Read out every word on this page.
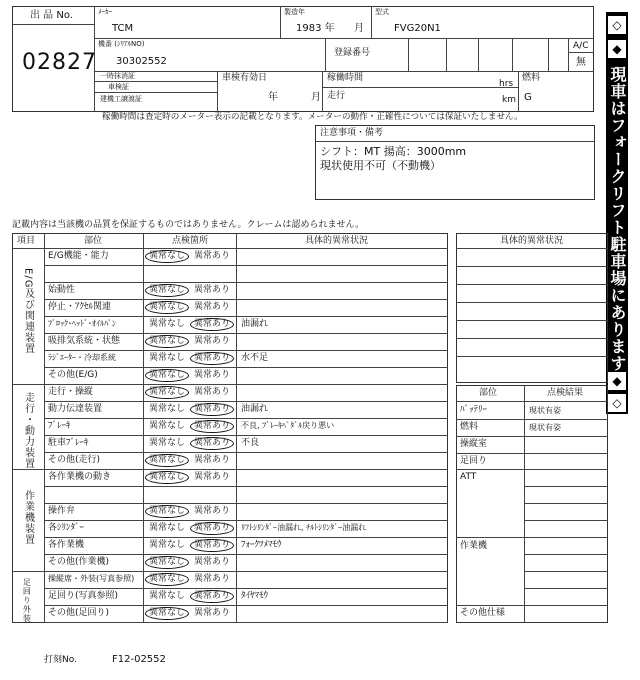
出 品 No.
02827
ﾒｰｶｰ
TCM
製造年
1983 年 月
型式
FVG20N1
機番 (ｼﾘｱﾙNO)
30302552
登録番号
A/C
無
一時抹消証
車検証
建機工譲渡証
車検有効日
年	月
稼働時間
走行
hrs
km
燃料
G
稼働時間は査定時のメーター表示の記載となります。メーターの動作・正確性については保証いたしません。
注意事項・備考
シフト：MT 揚高：3000mm
現状使用不可（不動機）
記載内容は当該機の品質を保証するものではありません。クレームは認められません。
◇
◆
現車はフォークリフト駐車場にあります
◆
◇
項目	部位	点検箇所	具体的異常状況
E/G及び関連装置
走行・動力装置
作業機装置
足回り外装
E/G機能・能力	異常なし 異常あり
始動性	異常なし 異常あり
停止・ｱｸｾﾙ関連	異常なし 異常あり
ﾌﾞﾛｯｸ･ﾍｯﾄﾞ･ｵｲﾙﾊﾟﾝ	異常なし 異常あり 油漏れ
吸排気系統・状態	異常なし 異常あり
ﾗｼﾞｴｰﾀｰ・冷却系統	異常なし 異常あり 水不足
その他(E/G)	異常なし 異常あり
走行・操縦	異常なし 異常あり
動力伝達装置	異常なし 異常あり 油漏れ
ﾌﾞﾚｰｷ	異常なし 異常あり 不良, ﾌﾞﾚｰｷﾍﾟﾀﾞﾙ戻り悪い
駐車ﾌﾞﾚｰｷ	異常なし 異常あり 不良
その他(走行)	異常なし 異常あり
各作業機の動き	異常なし 異常あり
操作弁	異常なし 異常あり
各ｼﾘﾝﾀﾞｰ	異常なし 異常あり ﾘﾌﾄｼﾘﾝﾀﾞｰ油漏れ, ﾁﾙﾄｼﾘﾝﾀﾞｰ油漏れ
各作業機	異常なし 異常あり ﾌｫｰｸﾂﾒﾏﾓｳ
その他(作業機)	異常なし 異常あり
操縦席・外装(写真参照) 異常なし 異常あり
足回り(写真参照)	異常なし 異常あり ﾀｲﾔﾏﾓｳ
その他(足回り)	異常なし 異常あり
具体的異常状況
部位	点検結果
ﾊﾞｯﾃﾘｰ	現状有姿
燃料	現状有姿
操縦室
足回り
ATT
作業機
その他仕様
打刻No.	F12-02552
